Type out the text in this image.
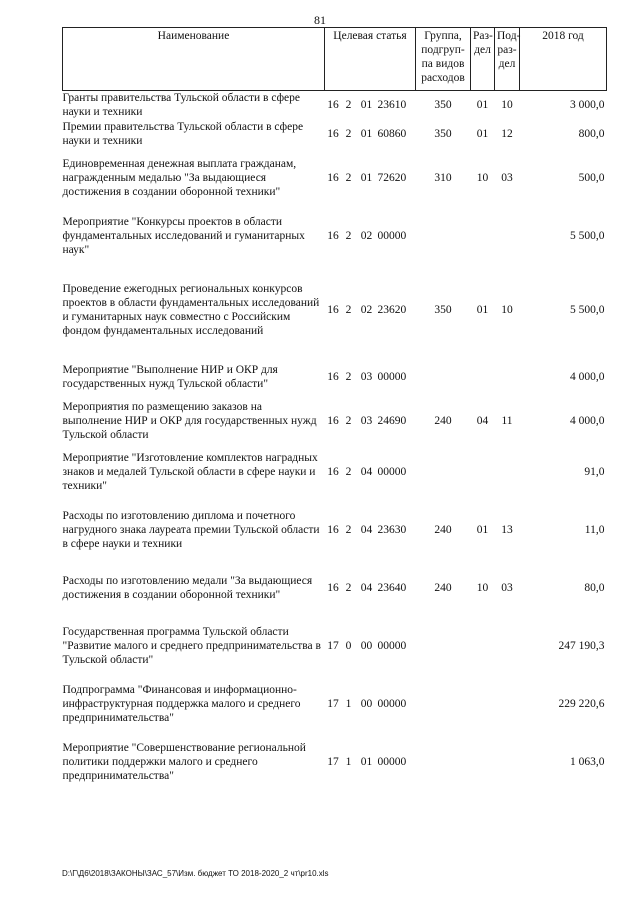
81
Наименование	Целевая статья				Группа, подгруп-па видов расходов	Раз-дел	Под-раз-дел	2018 год
Гранты правительства Тульской области в сфере науки и техники	16	2	01	23610	350	01	10	3 000,0
Премии правительства Тульской области в сфере науки и техники	16	2	01	60860	350	01	12	800,0
Единовременная денежная выплата гражданам, награжденным медалью "За выдающиеся достижения в создании оборонной техники"	16	2	01	72620	310	10	03	500,0
Мероприятие "Конкурсы проектов в области фундаментальных исследований и гуманитарных наук"	16	2	02	00000				5 500,0
Проведение ежегодных региональных конкурсов проектов в области фундаментальных исследований и гуманитарных наук совместно с Российским фондом фундаментальных исследований	16	2	02	23620	350	01	10	5 500,0
Мероприятие "Выполнение НИР и ОКР для государственных нужд Тульской области"	16	2	03	00000				4 000,0
Мероприятия по размещению заказов на выполнение НИР и ОКР для государственных нужд Тульской области	16	2	03	24690	240	04	11	4 000,0
Мероприятие "Изготовление комплектов наградных знаков и медалей Тульской области в сфере науки и техники"	16	2	04	00000				91,0
Расходы по изготовлению диплома и почетного нагрудного знака лауреата премии Тульской области в сфере науки и техники	16	2	04	23630	240	01	13	11,0
Расходы по изготовлению медали "За выдающиеся достижения в создании оборонной техники"	16	2	04	23640	240	10	03	80,0
Государственная программа Тульской области "Развитие малого и среднего предпринимательства в Тульской области"	17	0	00	00000				247 190,3
Подпрограмма "Финансовая и информационно-инфраструктурная поддержка малого и среднего предпринимательства"	17	1	00	00000				229 220,6
Мероприятие "Совершенствование региональной политики поддержки малого и среднего предпринимательства"	17	1	01	00000				1 063,0
D:\Г\Д6\2018\ЗАКОНЫ\ЗАС_57\Изм. бюджет ТО 2018-2020_2 чт\pr10.xls
